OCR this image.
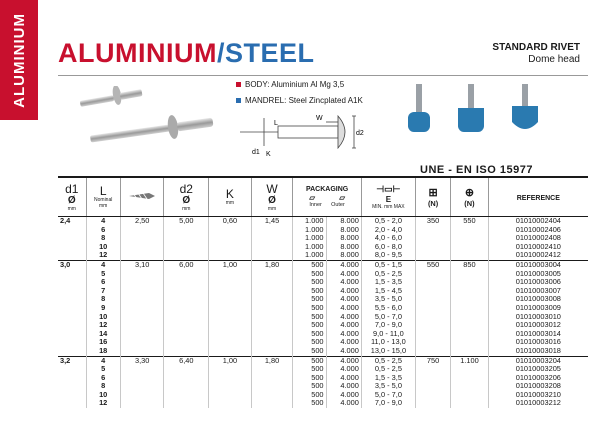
ALUMINIUM ALUMINIUM/STEEL	STANDARD RIVET
Dome head
BODY: Aluminium Al Mg 3,5
MANDREL: Steel Zincplated A1K
d2
W
L
d1 K
UNE - EN ISO 15977
d1
Ø
mm	L
Nominal
mm		d2
Ø
mm	K
mm	W
Ø
mm	PACKAGING
▱ ▱
Inner Outer		⊣▭⊢
E
MIN. mm MAX	⊞
(N)	⊕
(N)	REFERENCE
2,4	4	2,50	5,00	0,60	1,45	1.000	8.000	0,5 - 2,0	350	550	01010002404
	6					1.000	8.000	2,0 - 4,0			01010002406
	8					1.000	8.000	4,0 - 6,0			01010002408
	10					1.000	8.000	6,0 - 8,0			01010002410
	12					1.000	8.000	8,0 - 9,5			01010002412
3,0	4	3,10	6,00	1,00	1,80	500	4.000	0,5 - 1,5	550	850	01010003004
	5					500	4.000	0,5 - 2,5			01010003005
	6					500	4.000	1,5 - 3,5			01010003006
	7					500	4.000	1,5 - 4,5			01010003007
	8					500	4.000	3,5 - 5,0			01010003008
	9					500	4.000	5,5 - 6,0			01010003009
	10					500	4.000	5,0 - 7,0			01010003010
	12					500	4.000	7,0 - 9,0			01010003012
	14					500	4.000	9,0 - 11,0			01010003014
	16					500	4.000	11,0 - 13,0			01010003016
	18					500	4.000	13,0 - 15,0			01010003018
3,2	4	3,30	6,40	1,00	1,80	500	4.000	0,5 - 2,5	750	1.100	01010003204
	5					500	4.000	0,5 - 2,5			01010003205
	6					500	4.000	1,5 - 3,5			01010003206
	8					500	4.000	3,5 - 5,0			01010003208
	10					500	4.000	5,0 - 7,0			01010003210
	12					500	4.000	7,0 - 9,0			01010003212
